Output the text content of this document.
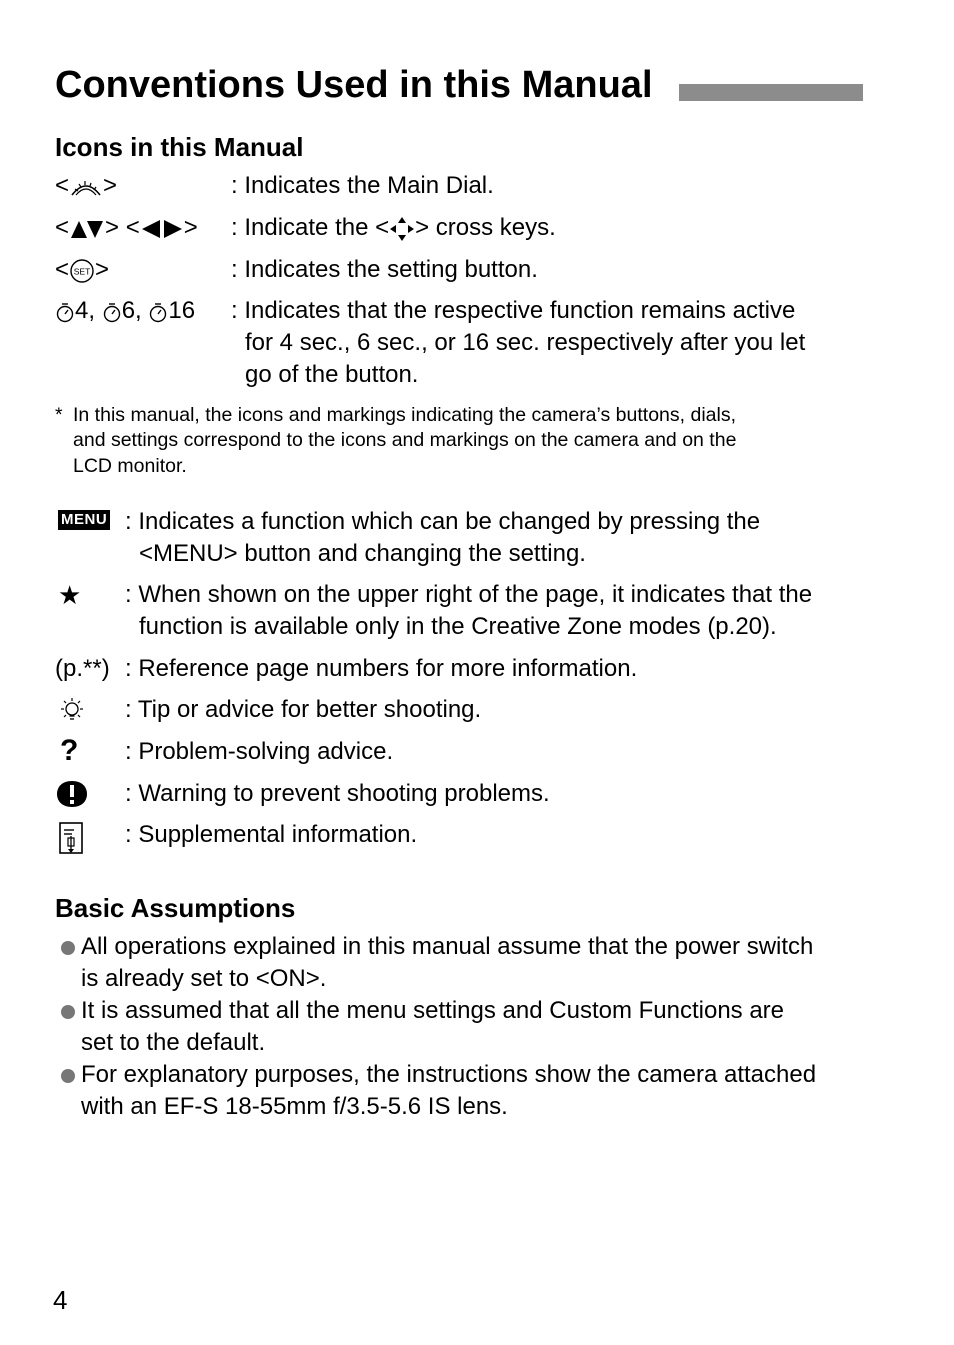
Conventions Used in this Manual
Icons in this Manual
< >	: Indicates the Main Dial.
< > < > : Indicate the < > cross keys.
< SET >	: Indicates the setting button.
4, 6, 16 : Indicates that the respective function remains active
for 4 sec., 6 sec., or 16 sec. respectively after you let
go of the button.
* In this manual, the icons and markings indicating the camera’s buttons, dials,
and settings correspond to the icons and markings on the camera and on the
LCD monitor.
MENU : Indicates a function which can be changed by pressing the
<MENU> button and changing the setting.
★ : When shown on the upper right of the page, it indicates that the
function is available only in the Creative Zone modes (p.20).
(p.**) : Reference page numbers for more information.
: Tip or advice for better shooting.
? : Problem-solving advice.
: Warning to prevent shooting problems.
: Supplemental information.
Basic Assumptions
All operations explained in this manual assume that the power switch
is already set to <ON>.
It is assumed that all the menu settings and Custom Functions are
set to the default.
For explanatory purposes, the instructions show the camera attached
with an EF-S 18-55mm f/3.5-5.6 IS lens.
4
